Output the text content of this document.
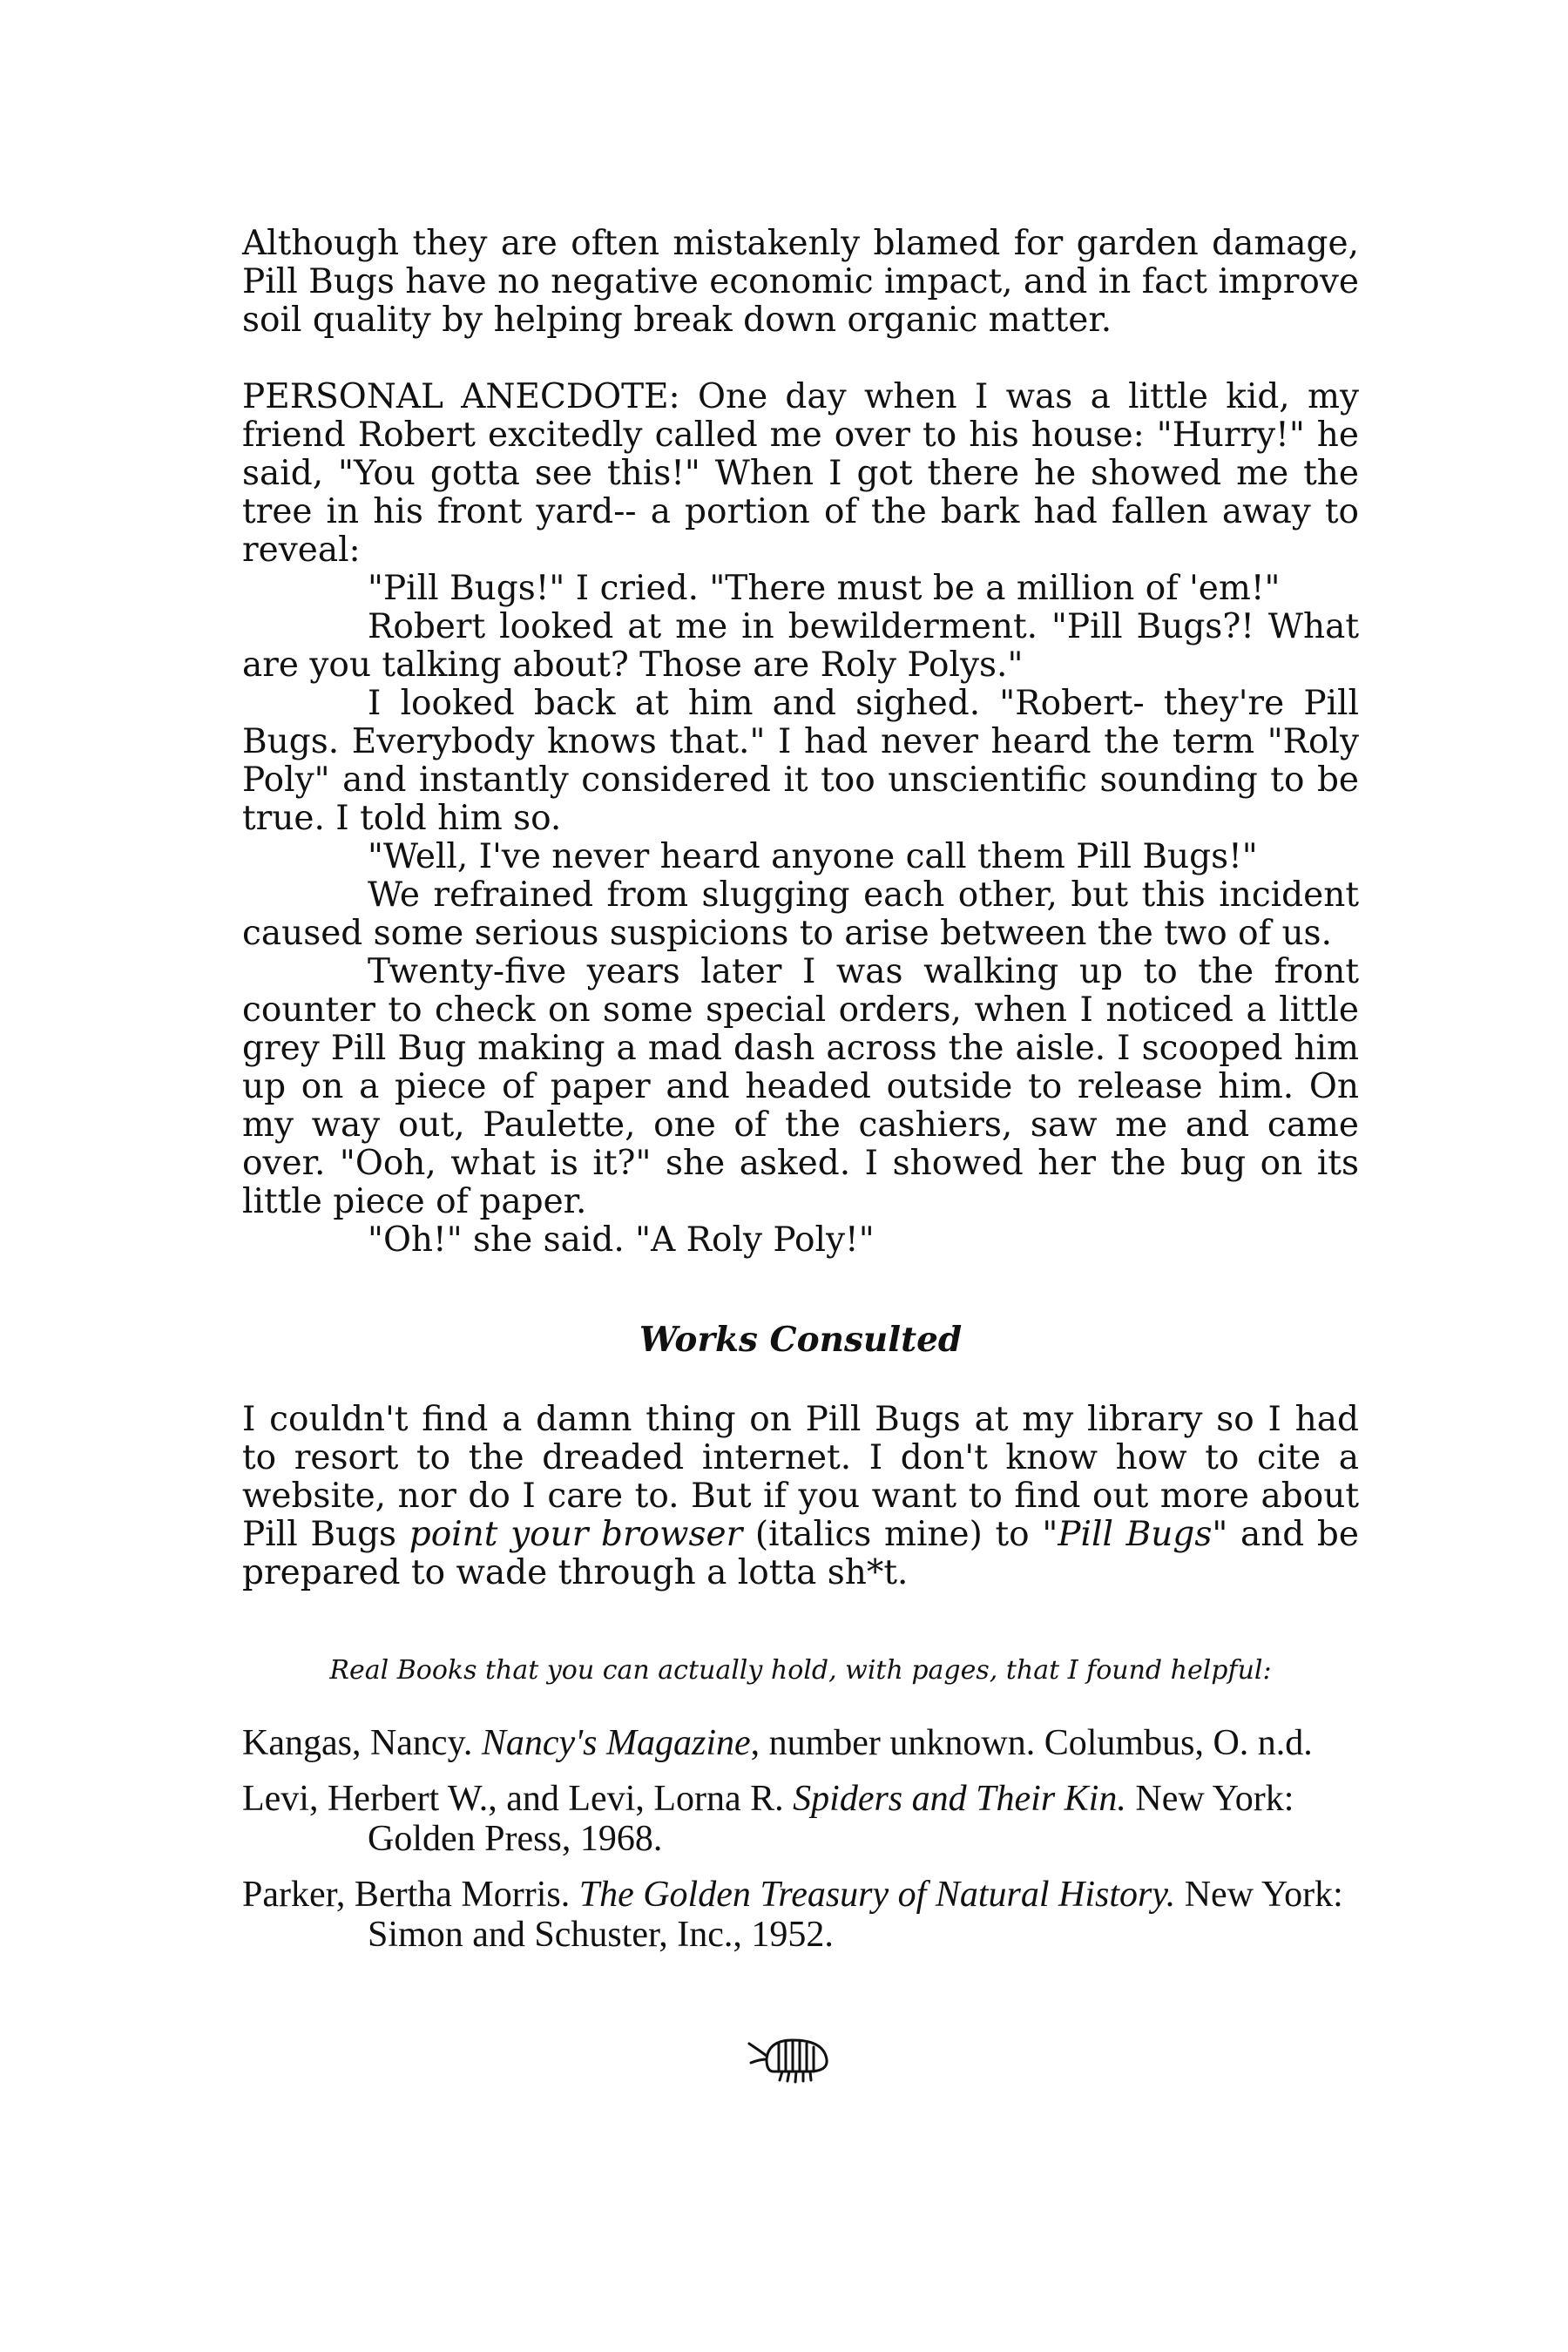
Although they are often mistakenly blamed for garden damage, Pill Bugs have no negative economic impact, and in fact improve soil quality by helping break down organic matter.

PERSONAL ANECDOTE: One day when I was a little kid, my friend Robert excitedly called me over to his house: "Hurry!" he said, "You gotta see this!" When I got there he showed me the tree in his front yard-- a portion of the bark had fallen away to reveal:

"Pill Bugs!" I cried. "There must be a million of 'em!"

Robert looked at me in bewilderment. "Pill Bugs?! What are you talking about? Those are Roly Polys."

I looked back at him and sighed. "Robert- they're Pill Bugs. Everybody knows that." I had never heard the term "Roly Poly" and instantly considered it too unscientific sounding to be true. I told him so.

"Well, I've never heard anyone call them Pill Bugs!"

We refrained from slugging each other, but this incident caused some serious suspicions to arise between the two of us.

Twenty-five years later I was walking up to the front counter to check on some special orders, when I noticed a little grey Pill Bug making a mad dash across the aisle. I scooped him up on a piece of paper and headed outside to release him. On my way out, Paulette, one of the cashiers, saw me and came over. "Ooh, what is it?" she asked. I showed her the bug on its little piece of paper.

"Oh!" she said. "A Roly Poly!"

Works Consulted

I couldn't find a damn thing on Pill Bugs at my library so I had to resort to the dreaded internet. I don't know how to cite a website, nor do I care to. But if you want to find out more about Pill Bugs point your browser (italics mine) to "Pill Bugs" and be prepared to wade through a lotta sh*t.

Real Books that you can actually hold, with pages, that I found helpful:

Kangas, Nancy. Nancy's Magazine, number unknown. Columbus, O. n.d.

Levi, Herbert W., and Levi, Lorna R. Spiders and Their Kin. New York: Golden Press, 1968.

Parker, Bertha Morris. The Golden Treasury of Natural History. New York: Simon and Schuster, Inc., 1952.
